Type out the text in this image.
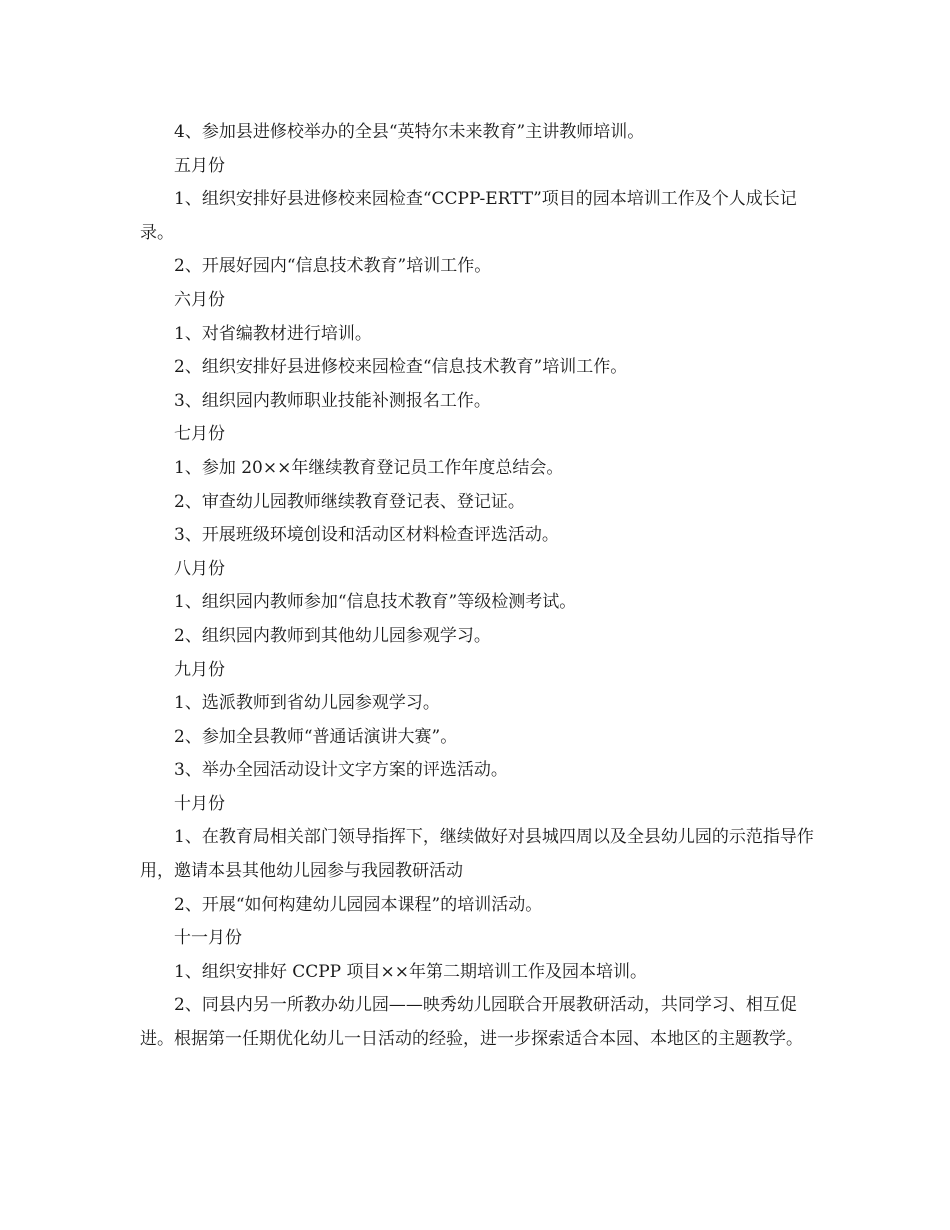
4、参加县进修校举办的全县“英特尔未来教育”主讲教师培训。

五月份

1、组织安排好县进修校来园检查“CCPP-ERTT”项目的园本培训工作及个人成长记录。

2、开展好园内“信息技术教育”培训工作。

六月份

1、对省编教材进行培训。

2、组织安排好县进修校来园检查“信息技术教育”培训工作。

3、组织园内教师职业技能补测报名工作。

七月份

1、参加 20××年继续教育登记员工作年度总结会。

2、审查幼儿园教师继续教育登记表、登记证。

3、开展班级环境创设和活动区材料检查评选活动。

八月份

1、组织园内教师参加“信息技术教育”等级检测考试。

2、组织园内教师到其他幼儿园参观学习。

九月份

1、选派教师到省幼儿园参观学习。

2、参加全县教师“普通话演讲大赛”。

3、举办全园活动设计文字方案的评选活动。

十月份

1、在教育局相关部门领导指挥下，继续做好对县城四周以及全县幼儿园的示范指导作用，邀请本县其他幼儿园参与我园教研活动

2、开展“如何构建幼儿园园本课程”的培训活动。

十一月份

1、组织安排好 CCPP 项目××年第二期培训工作及园本培训。

2、同县内另一所教办幼儿园——映秀幼儿园联合开展教研活动，共同学习、相互促进。根据第一任期优化幼儿一日活动的经验，进一步探索适合本园、本地区的主题教学。
